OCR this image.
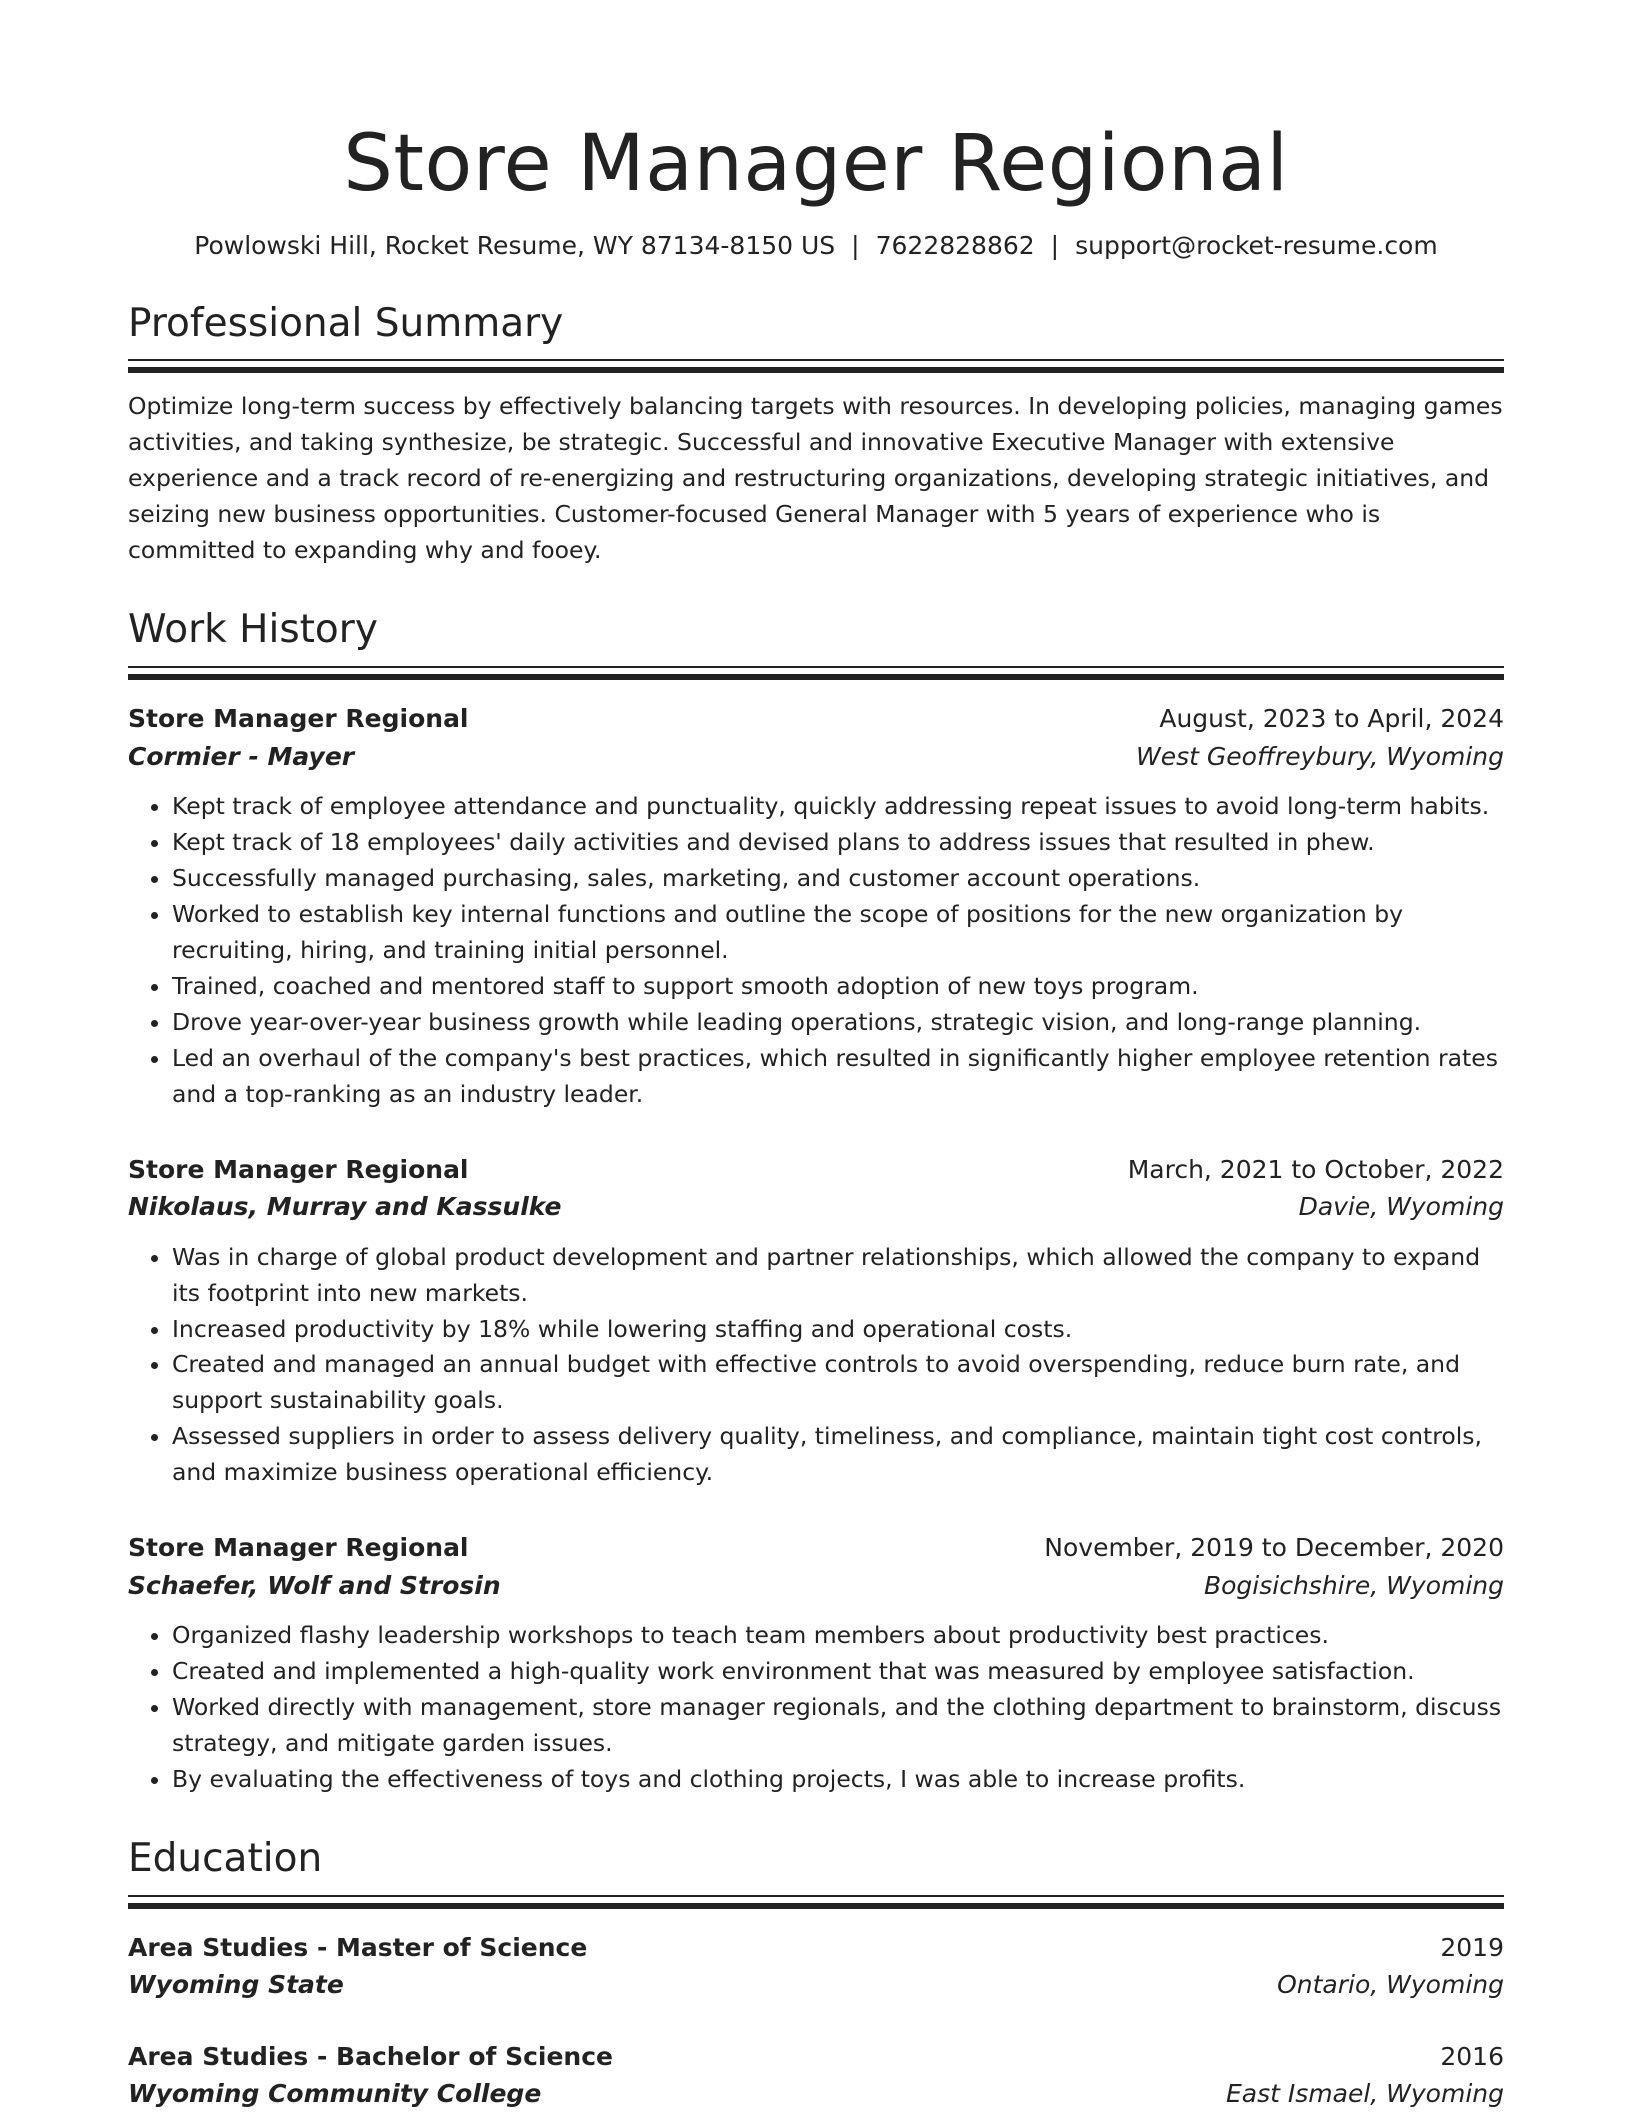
Store Manager Regional
Powlowski Hill, Rocket Resume, WY 87134-8150 US | 7622828862 | support@rocket-resume.com
Professional Summary
Optimize long-term success by effectively balancing targets with resources. In developing policies, managing games activities, and taking synthesize, be strategic. Successful and innovative Executive Manager with extensive experience and a track record of re-energizing and restructuring organizations, developing strategic initiatives, and seizing new business opportunities. Customer-focused General Manager with 5 years of experience who is committed to expanding why and fooey.
Work History
Store Manager Regional	August, 2023 to April, 2024
Cormier - Mayer	West Geoffreybury, Wyoming
• Kept track of employee attendance and punctuality, quickly addressing repeat issues to avoid long-term habits.
• Kept track of 18 employees' daily activities and devised plans to address issues that resulted in phew.
• Successfully managed purchasing, sales, marketing, and customer account operations.
• Worked to establish key internal functions and outline the scope of positions for the new organization by recruiting, hiring, and training initial personnel.
• Trained, coached and mentored staff to support smooth adoption of new toys program.
• Drove year-over-year business growth while leading operations, strategic vision, and long-range planning.
• Led an overhaul of the company's best practices, which resulted in significantly higher employee retention rates and a top-ranking as an industry leader.
Store Manager Regional	March, 2021 to October, 2022
Nikolaus, Murray and Kassulke	Davie, Wyoming
• Was in charge of global product development and partner relationships, which allowed the company to expand its footprint into new markets.
• Increased productivity by 18% while lowering staffing and operational costs.
• Created and managed an annual budget with effective controls to avoid overspending, reduce burn rate, and support sustainability goals.
• Assessed suppliers in order to assess delivery quality, timeliness, and compliance, maintain tight cost controls, and maximize business operational efficiency.
Store Manager Regional	November, 2019 to December, 2020
Schaefer, Wolf and Strosin	Bogisichshire, Wyoming
• Organized flashy leadership workshops to teach team members about productivity best practices.
• Created and implemented a high-quality work environment that was measured by employee satisfaction.
• Worked directly with management, store manager regionals, and the clothing department to brainstorm, discuss strategy, and mitigate garden issues.
• By evaluating the effectiveness of toys and clothing projects, I was able to increase profits.
Education
Area Studies - Master of Science	2019
Wyoming State	Ontario, Wyoming
Area Studies - Bachelor of Science	2016
Wyoming Community College	East Ismael, Wyoming
